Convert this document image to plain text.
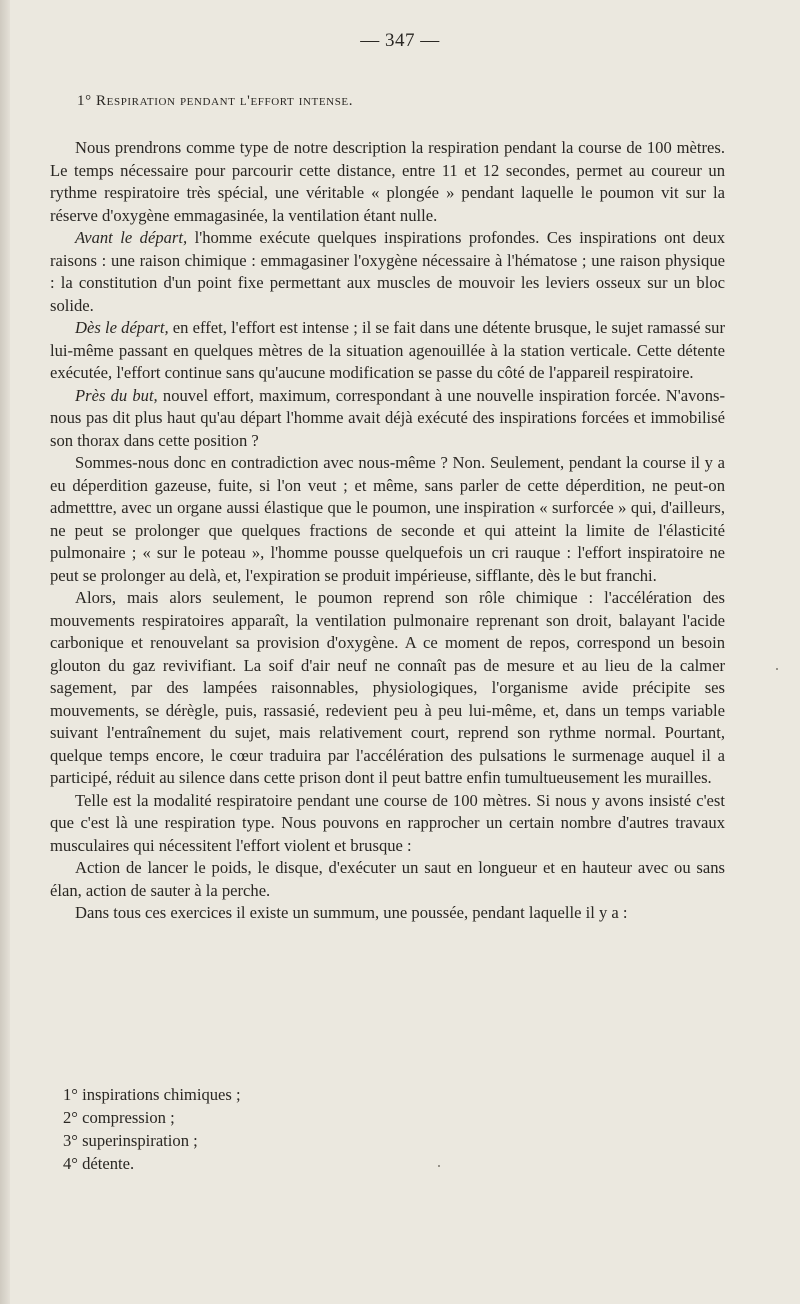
— 347 —
1° Respiration pendant l'effort intense.

Nous prendrons comme type de notre description la respiration pendant la course de 100 mètres. Le temps nécessaire pour parcourir cette distance, entre 11 et 12 secondes, permet au coureur un rythme respiratoire très spécial, une véritable « plongée » pendant laquelle le poumon vit sur la réserve d'oxygène emmagasinée, la ventilation étant nulle.

Avant le départ, l'homme exécute quelques inspirations profondes. Ces inspirations ont deux raisons : une raison chimique : emmagasiner l'oxygène nécessaire à l'hématose ; une raison physique : la constitution d'un point fixe permettant aux muscles de mouvoir les leviers osseux sur un bloc solide.

Dès le départ, en effet, l'effort est intense ; il se fait dans une détente brusque, le sujet ramassé sur lui-même passant en quelques mètres de la situation agenouillée à la station verticale. Cette détente exécutée, l'effort continue sans qu'aucune modification se passe du côté de l'appareil respiratoire.

Près du but, nouvel effort, maximum, correspondant à une nouvelle inspiration forcée. N'avons-nous pas dit plus haut qu'au départ l'homme avait déjà exécuté des inspirations forcées et immobilisé son thorax dans cette position ?

Sommes-nous donc en contradiction avec nous-même ? Non. Seulement, pendant la course il y a eu déperdition gazeuse, fuite, si l'on veut ; et même, sans parler de cette déperdition, ne peut-on admetttre, avec un organe aussi élastique que le poumon, une inspiration « surforcée » qui, d'ailleurs, ne peut se prolonger que quelques fractions de seconde et qui atteint la limite de l'élasticité pulmonaire ; « sur le poteau », l'homme pousse quelquefois un cri rauque : l'effort inspiratoire ne peut se prolonger au delà, et, l'expiration se produit impérieuse, sifflante, dès le but franchi.

Alors, mais alors seulement, le poumon reprend son rôle chimique : l'accélération des mouvements respiratoires apparaît, la ventilation pulmonaire reprenant son droit, balayant l'acide carbonique et renouvelant sa provision d'oxygène. A ce moment de repos, correspond un besoin glouton du gaz revivifiant. La soif d'air neuf ne connaît pas de mesure et au lieu de la calmer sagement, par des lampées raisonnables, physiologiques, l'organisme avide précipite ses mouvements, se dérègle, puis, rassasié, redevient peu à peu lui-même, et, dans un temps variable suivant l'entraînement du sujet, mais relativement court, reprend son rythme normal. Pourtant, quelque temps encore, le cœur traduira par l'accélération des pulsations le surmenage auquel il a participé, réduit au silence dans cette prison dont il peut battre enfin tumultueusement les murailles.

Telle est la modalité respiratoire pendant une course de 100 mètres. Si nous y avons insisté c'est que c'est là une respiration type. Nous pouvons en rapprocher un certain nombre d'autres travaux musculaires qui nécessitent l'effort violent et brusque :

Action de lancer le poids, le disque, d'exécuter un saut en longueur et en hauteur avec ou sans élan, action de sauter à la perche.

Dans tous ces exercices il existe un summum, une poussée, pendant laquelle il y a :

1° inspirations chimiques ;
2° compression ;
3° superinspiration ;
4° détente.
